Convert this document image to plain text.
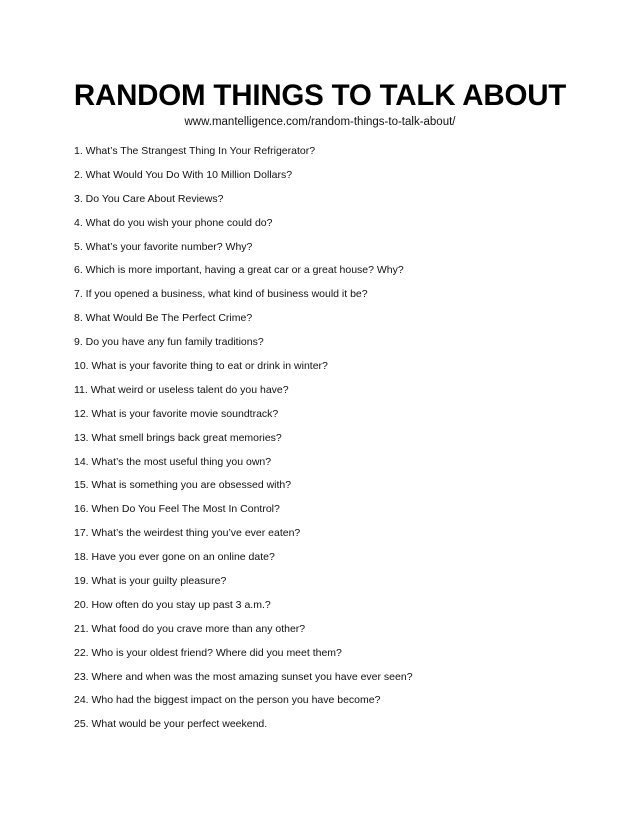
RANDOM THINGS TO TALK ABOUT
www.mantelligence.com/random-things-to-talk-about/
1. What’s The Strangest Thing In Your Refrigerator?
2. What Would You Do With 10 Million Dollars?
3. Do You Care About Reviews?
4. What do you wish your phone could do?
5. What’s your favorite number? Why?
6. Which is more important, having a great car or a great house? Why?
7. If you opened a business, what kind of business would it be?
8. What Would Be The Perfect Crime?
9. Do you have any fun family traditions?
10. What is your favorite thing to eat or drink in winter?
11. What weird or useless talent do you have?
12. What is your favorite movie soundtrack?
13. What smell brings back great memories?
14. What’s the most useful thing you own?
15. What is something you are obsessed with?
16. When Do You Feel The Most In Control?
17. What’s the weirdest thing you’ve ever eaten?
18. Have you ever gone on an online date?
19. What is your guilty pleasure?
20. How often do you stay up past 3 a.m.?
21. What food do you crave more than any other?
22. Who is your oldest friend? Where did you meet them?
23. Where and when was the most amazing sunset you have ever seen?
24. Who had the biggest impact on the person you have become?
25. What would be your perfect weekend.
